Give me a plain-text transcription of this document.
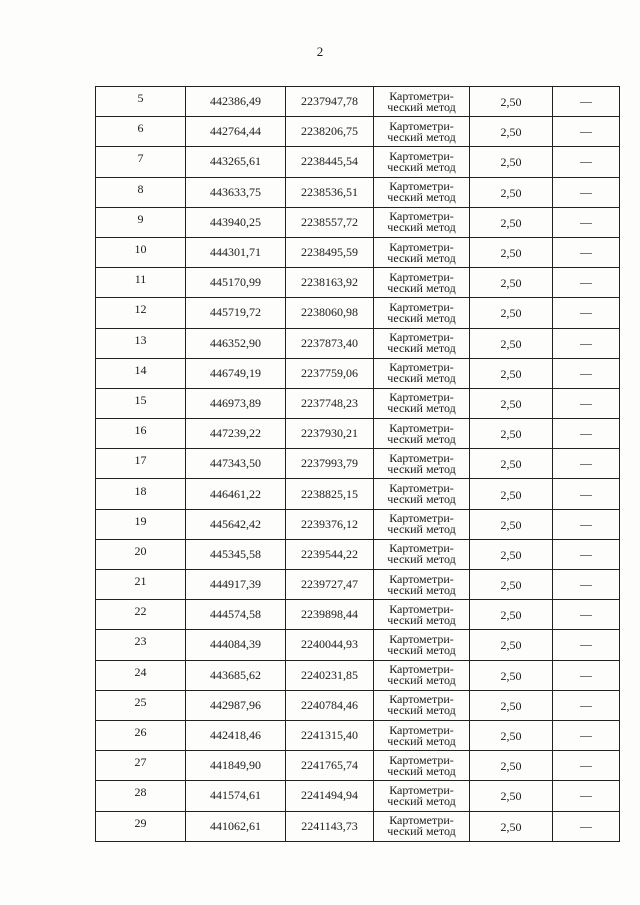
2
5	442386,49	2237947,78	Картометри-ческий метод	2,50	—
6	442764,44	2238206,75	Картометри-ческий метод	2,50	—
7	443265,61	2238445,54	Картометри-ческий метод	2,50	—
8	443633,75	2238536,51	Картометри-ческий метод	2,50	—
9	443940,25	2238557,72	Картометри-ческий метод	2,50	—
10	444301,71	2238495,59	Картометри-ческий метод	2,50	—
11	445170,99	2238163,92	Картометри-ческий метод	2,50	—
12	445719,72	2238060,98	Картометри-ческий метод	2,50	—
13	446352,90	2237873,40	Картометри-ческий метод	2,50	—
14	446749,19	2237759,06	Картометри-ческий метод	2,50	—
15	446973,89	2237748,23	Картометри-ческий метод	2,50	—
16	447239,22	2237930,21	Картометри-ческий метод	2,50	—
17	447343,50	2237993,79	Картометри-ческий метод	2,50	—
18	446461,22	2238825,15	Картометри-ческий метод	2,50	—
19	445642,42	2239376,12	Картометри-ческий метод	2,50	—
20	445345,58	2239544,22	Картометри-ческий метод	2,50	—
21	444917,39	2239727,47	Картометри-ческий метод	2,50	—
22	444574,58	2239898,44	Картометри-ческий метод	2,50	—
23	444084,39	2240044,93	Картометри-ческий метод	2,50	—
24	443685,62	2240231,85	Картометри-ческий метод	2,50	—
25	442987,96	2240784,46	Картометри-ческий метод	2,50	—
26	442418,46	2241315,40	Картометри-ческий метод	2,50	—
27	441849,90	2241765,74	Картометри-ческий метод	2,50	—
28	441574,61	2241494,94	Картометри-ческий метод	2,50	—
29	441062,61	2241143,73	Картометри-ческий метод	2,50	—
